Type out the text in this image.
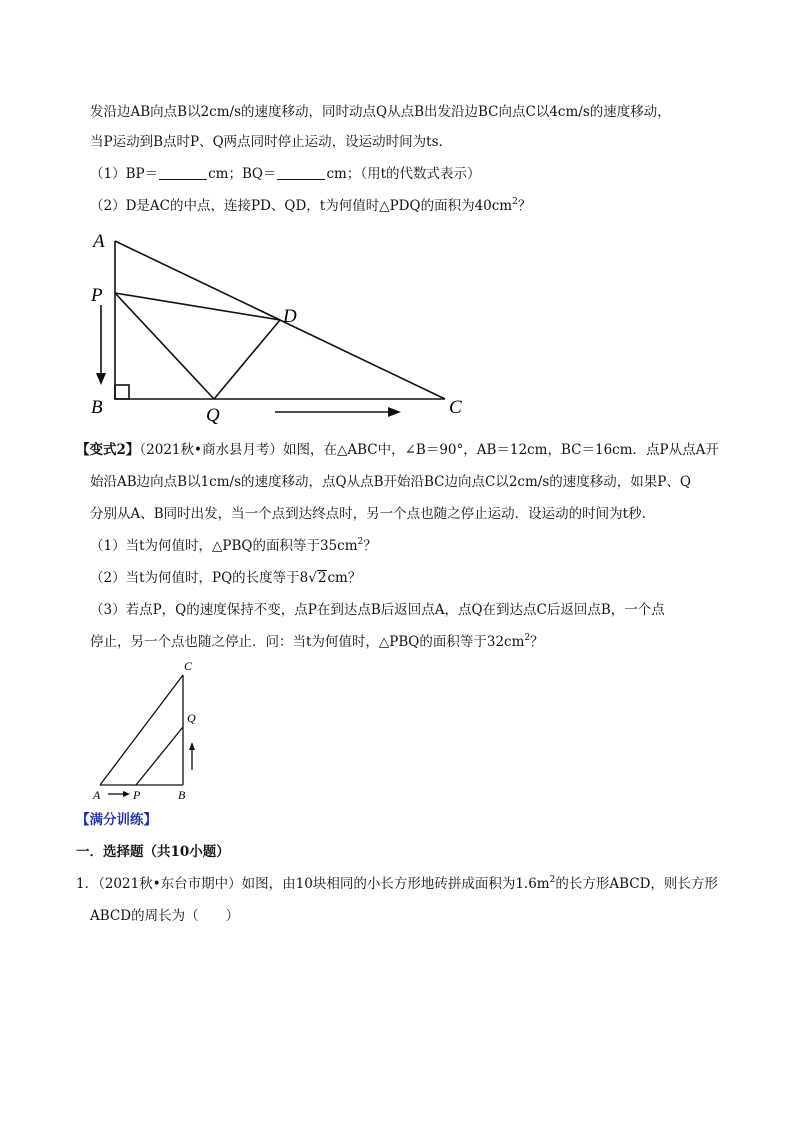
发沿边AB向点B以2cm/s的速度移动，同时动点Q从点B出发沿边BC向点C以4cm/s的速度移动，
当P运动到B点时P、Q两点同时停止运动，设运动时间为ts．
（1）BP＝	cm；BQ＝	cm；（用t的代数式表示）
（2）D是AC的中点，连接PD、QD，t为何值时△PDQ的面积为$40cm^2$？
A
P
B	Q	C
D
【变式2】（2021秋•商水县月考）如图，在△ABC中，∠B＝90°，AB＝12cm，BC＝16cm．点P从点A开
始沿AB边向点B以1cm/s的速度移动，点Q从点B开始沿BC边向点C以2cm/s的速度移动，如果P、Q
分别从A、B同时出发，当一个点到达终点时，另一个点也随之停止运动．设运动的时间为t秒．
（1）当t为何值时，△PBQ的面积等于$35cm^2$？
（2）当t为何值时，PQ的长度等于8√2cm？
（3）若点P，Q的速度保持不变，点P在到达点B后返回点A，点Q在到达点C后返回点B，一个点
停止，另一个点也随之停止．问：当t为何值时，△PBQ的面积等于$32cm^2$？
C
Q
A	P	B
【满分训练】
一．选择题（共10小题）
1．（2021秋•东台市期中）如图，由10块相同的小长方形地砖拼成面积为$1.6m^2$的长方形ABCD，则长方形
ABCD的周长为（　　）
